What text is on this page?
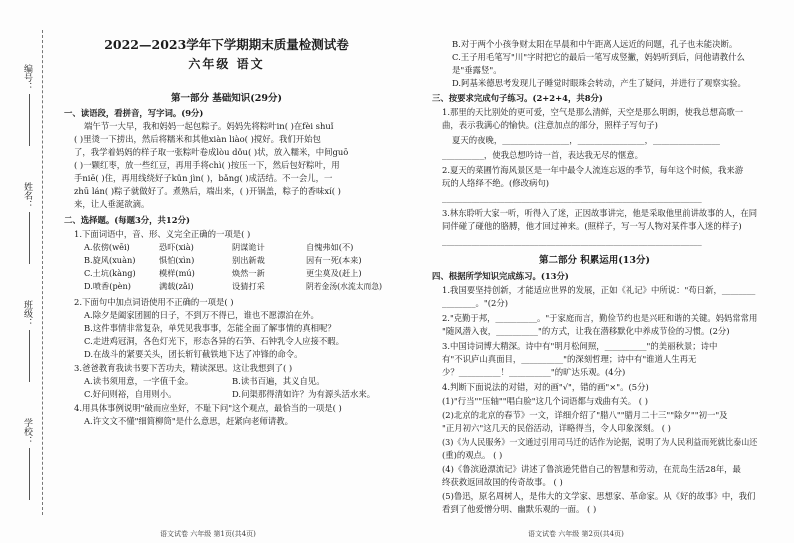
学校：
班级：
姓名：
编号：
2022—2023学年下学期期末质量检测试卷
六年级 语文
第一部分 基础知识(29分)
一、读语段，看拼音，写字词。(9分)
端午节一大早，我和妈妈一起包粽子。妈妈先将粽叶ⅰn( )在fèi shuǐ
( )里烫一下捞出，然后将糯米和其他xiàn liào( )搅好。我们开始包
了，我学着妈妈的样子取一张粽叶卷成lòu dǒu( )状，放入糯米，中间guō
( )一颗红枣，放一些红豆，再用手将chì( )按压一下，然后包好粽叶，用
手niē( )住，再用线绕好子kǔn jìn( )，bǎng( )成活结。不一会儿，一
zhū lán( )粽子就做好了。煮熟后，端出来，( )开锅盖，粽子的香味xí( )
来，让人垂涎欲滴。
二、选择题。(每题3分，共12分)
1.下面词语中，音、形、义完全正确的一项是( )
A.依傍(wēi)	恐吓(xià)	阴谋诡计	自愧弗如(不)
B.旋风(xuàn)	惧怕(xìn)	别出新裁	因有一死(本来)
C.土坑(kàng)	模样(mú)	焕然一新	更尘莫及(赶上)
D.喷香(pèn)	满载(zǎi)	设猜打采	阴若金汤(水流太而急)
2.下面句中加点词语使用不正确的一项是( )
A.除夕是阖家团圆的日子，不到万不得已，谁也不愿漂泊在外。
B.这件事情非常复杂，单凭见我事事，怎能全面了解事情的真相呢？
C.走进鸡冠洞，各色灯光下，形态各异的石笋、石钟乳令人应接不暇。
D.在战斗的紧要关头，团长斩钉截铁地下达了冲锋的命令。
3.爸爸教育我读书要下苦功夫，精读深思。这让我想到了( )
A.读书须用意，一字值千金。	B.读书百遍，其义自见。
C.好问则裕，自用则小。	D.问渠那得清如许？为有源头活水来。
4.用具体事例说明"破而应坐好，不耻下问"这个观点，最恰当的一项是( )
A.许文文不懂"细简柳筒"是什么意思，赶紧向老师请教。
语文试卷 六年级 第1页(共4页)
B.对于两个小孩争财太阳在早晨和中午距离人远近的问题，孔子也未能决断。
C.王子用毛笔写"川"字时把它的最后一笔写成竖撇，妈妈听到后，问他请教什么
是"垂露竖"。
D.阿基米德思考发现儿子睡觉时眼珠会转动，产生了疑问，并进行了观察实验。
三、按要求完成句子练习。(2+2+4，共8分)
1.那里的天比别处的更可爱，空气是那么清鲜，天空是那么明朗，使我总想高歌一
曲，表示我满心的愉快。(注意加点的部分，照样子写句子)
夏天的夜晚，________________，________________，________________
__________，使我总想吟诗一首，表达我无尽的惬意。
2.夏天的菜圃竹海风景区是一年中最令人流连忘返的季节，每年这个时候，我来游
玩的人络绎不绝。(修改病句)
______________________________________________________________
3.林东聆听大家一听，听得入了迷，正因故事讲完，他是采取他里前讲故事的人，在同
同伴碰了碰他的胳膊，他才回过神来。(照样子，写一写人物对某件事入迷的样子)
______________________________________________________________
第二部分 积累运用(13分)
四、根据所学知识完成练习。(13分)
1.我国要坚持创新，才能适应世界的发展，正如《礼记》中所说："苟日新，________
________。"(2分)
2."克勤于邦，__________。"于家庭而言，勤俭节约也是兴旺和谐的关键。妈妈常常用
"随风潜入夜，__________"的方式，让我在潜移默化中养成节俭的习惯。(2分)
3.中国诗词博大精深。诗中有"明月松间照，__________"的美丽秋景；诗中
有"不识庐山真面目，__________"的深刻哲理；诗中有"谁道人生再无
少？__________！__________"的旷达乐观。(4分)
4.判断下面说法的对错，对的画"√"，错的画"×"。(5分)
(1)"行当""压轴""唱白脸"这几个词语都与戏曲有关。 ( )
(2)北京的北京的春节》一文，详细介绍了"腊八""腊月二十三""除夕""初一"及
"正月初六"这几天的民俗活动，详略得当，令人印象深刻。 ( )
(3)《为人民服务》一文通过引用司马迁的话作为论据，说明了为人民利益而死就比泰山还
(重)的观点。 ( )
(4)《鲁滨逊漂流记》讲述了鲁滨逊凭借自己的智慧和劳动，在荒岛生活28年，最
终获救返回故国的传奇故事。 ( )
(5)鲁迅，原名周树人，是伟大的文学家、思想家、革命家。从《好的故事》中，我们
看到了他爱憎分明、幽默乐观的一面。 ( )
语文试卷 六年级 第2页(共4页)
